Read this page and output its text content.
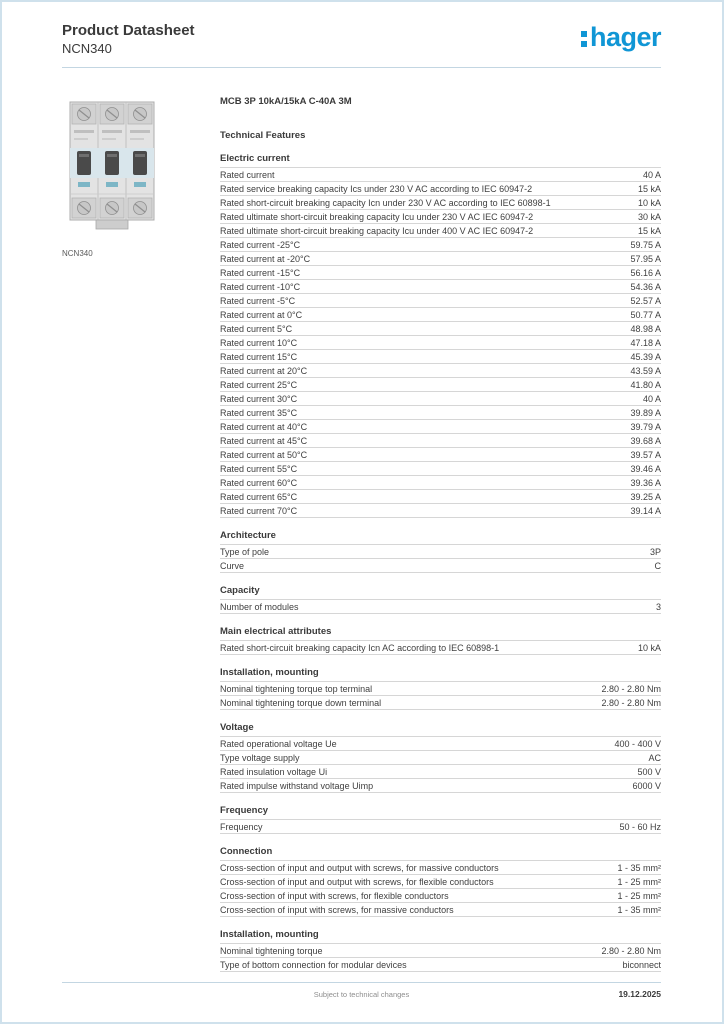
Product Datasheet
NCN340	hager
NCN340
MCB 3P 10kA/15kA C-40A 3M
Technical Features
Electric current
Rated current	40 A
Rated service breaking capacity Ics under 230 V AC according to IEC 60947-2	15 kA
Rated short-circuit breaking capacity Icn under 230 V AC according to IEC 60898-1	10 kA
Rated ultimate short-circuit breaking capacity Icu under 230 V AC IEC 60947-2	30 kA
Rated ultimate short-circuit breaking capacity Icu under 400 V AC IEC 60947-2	15 kA
Rated current -25°C	59.75 A
Rated current at -20°C	57.95 A
Rated current -15°C	56.16 A
Rated current -10°C	54.36 A
Rated current -5°C	52.57 A
Rated current at 0°C	50.77 A
Rated current 5°C	48.98 A
Rated current 10°C	47.18 A
Rated current 15°C	45.39 A
Rated current at 20°C	43.59 A
Rated current 25°C	41.80 A
Rated current 30°C	40 A
Rated current 35°C	39.89 A
Rated current at 40°C	39.79 A
Rated current at 45°C	39.68 A
Rated current at 50°C	39.57 A
Rated current 55°C	39.46 A
Rated current 60°C	39.36 A
Rated current 65°C	39.25 A
Rated current 70°C	39.14 A
Architecture
Type of pole	3P
Curve	C
Capacity
Number of modules	3
Main electrical attributes
Rated short-circuit breaking capacity Icn AC according to IEC 60898-1	10 kA
Installation, mounting
Nominal tightening torque top terminal	2.80 - 2.80 Nm
Nominal tightening torque down terminal	2.80 - 2.80 Nm
Voltage
Rated operational voltage Ue	400 - 400 V
Type voltage supply	AC
Rated insulation voltage Ui	500 V
Rated impulse withstand voltage Uimp	6000 V
Frequency
Frequency	50 - 60 Hz
Connection
Cross-section of input and output with screws, for massive conductors	1 - 35 mm²
Cross-section of input and output with screws, for flexible conductors	1 - 25 mm²
Cross-section of input with screws, for flexible conductors	1 - 25 mm²
Cross-section of input with screws, for massive conductors	1 - 35 mm²
Installation, mounting
Nominal tightening torque	2.80 - 2.80 Nm
Type of bottom connection for modular devices	biconnect
Subject to technical changes	19.12.2025
